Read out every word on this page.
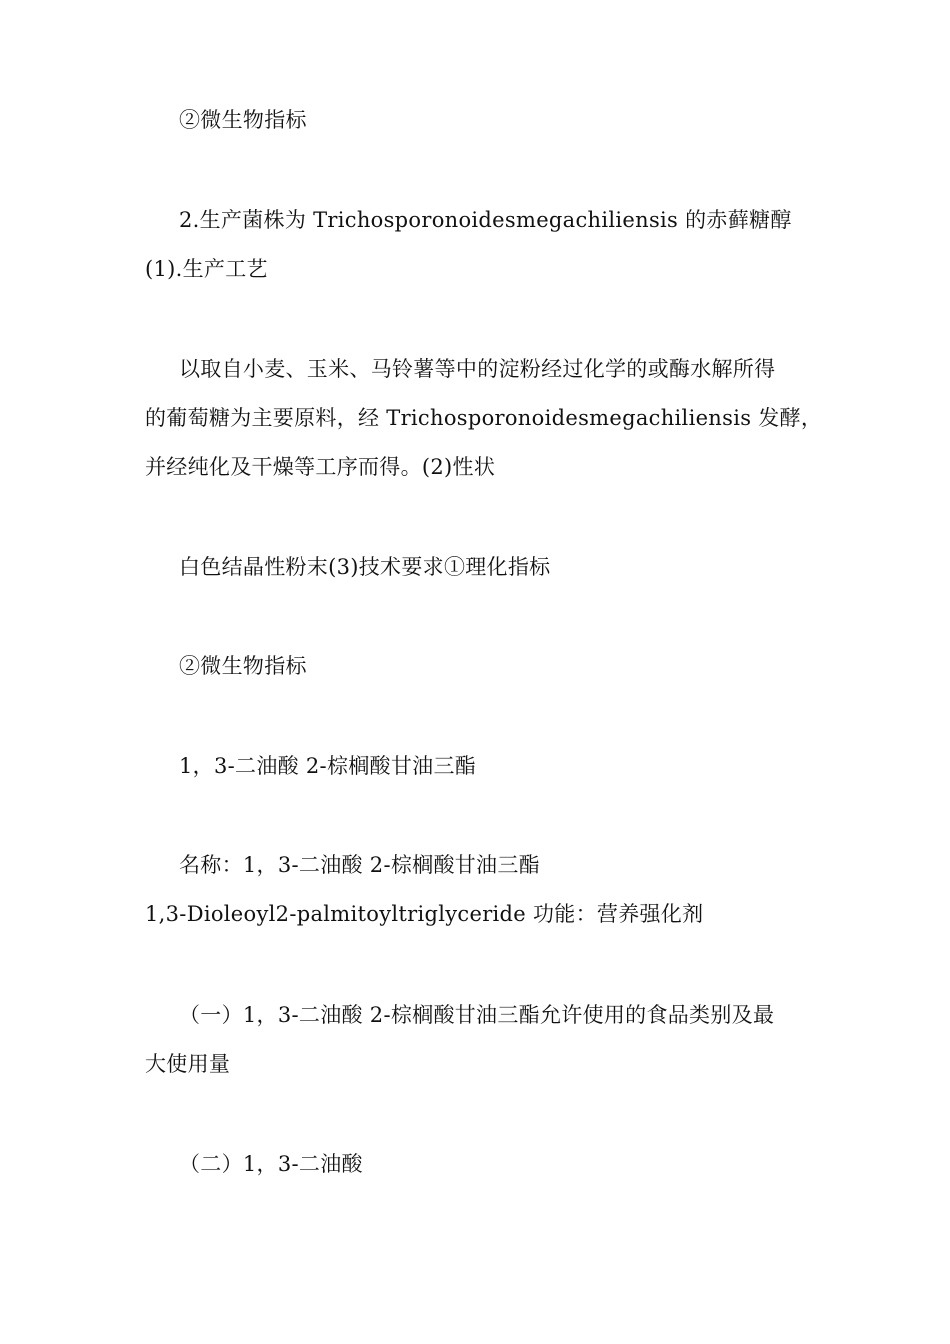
②微生物指标
2.生产菌株为 Trichosporonoidesmegachiliensis 的赤藓糖醇
(1).生产工艺
以取自小麦、玉米、马铃薯等中的淀粉经过化学的或酶水解所得
的葡萄糖为主要原料，经 Trichosporonoidesmegachiliensis 发酵，
并经纯化及干燥等工序而得。(2)性状
白色结晶性粉末(3)技术要求①理化指标
②微生物指标
1，3-二油酸 2-棕榈酸甘油三酯
名称：1，3-二油酸 2-棕榈酸甘油三酯
1,3-Dioleoyl2-palmitoyltriglyceride 功能：营养强化剂
（一）1，3-二油酸 2-棕榈酸甘油三酯允许使用的食品类别及最
大使用量
（二）1，3-二油酸
